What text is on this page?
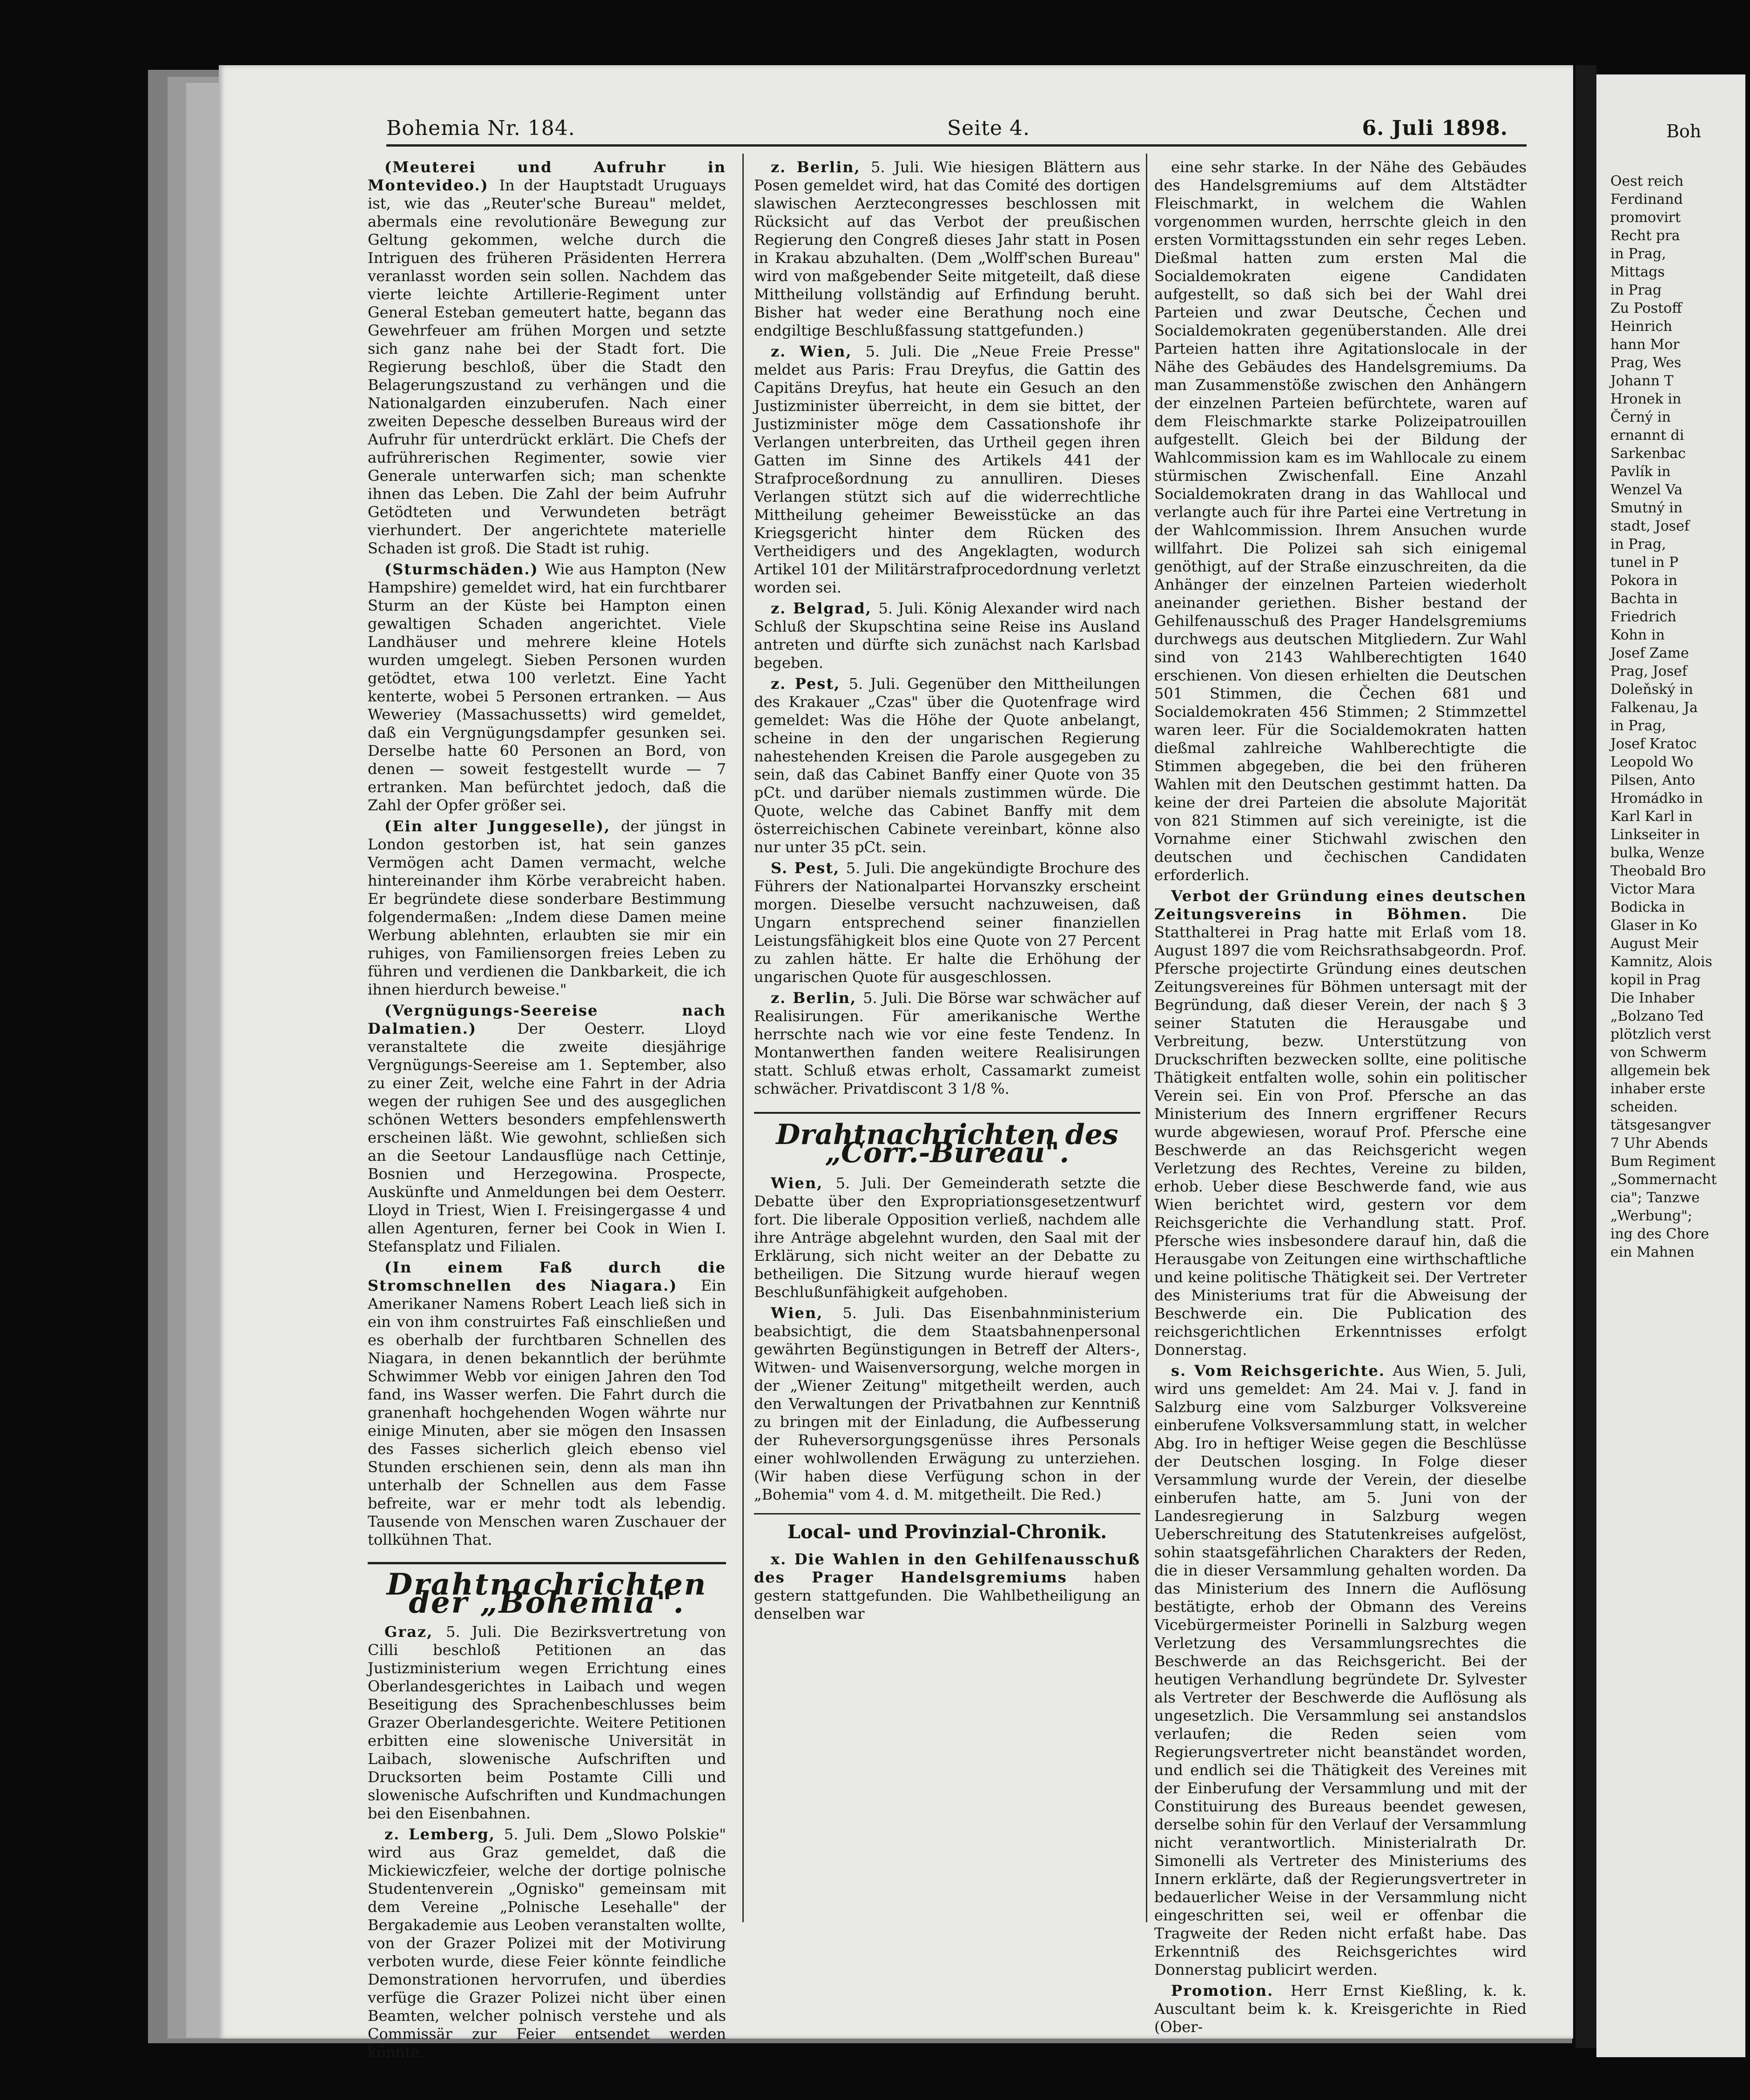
Boh
Oest reich
Ferdinand
promovirt
Recht pra
in Prag,
Mittags
in Prag
Zu Postoff
Heinrich
hann Mor
Prag, Wes
Johann T
Hronek in
Černý in
ernannt di
Sarkenbac
Pavlík in
Wenzel Va
Smutný in
stadt, Josef
in Prag,
tunel in P
Pokora in
Bachta in
Friedrich
Kohn in
Josef Zame
Prag, Josef
Doleňský in
Falkenau, Ja
in Prag,
Josef Kratoc
Leopold Wo
Pilsen, Anto
Hromádko in
Karl Karl in
Linkseiter in
bulka, Wenze
Theobald Bro
Victor Mara
Bodicka in
Glaser in Ko
August Meir
Kamnitz, Alois
kopil in Prag
Die Inhaber
„Bolzano Ted
plötzlich verst
von Schwerm
allgemein bek
inhaber erste
scheiden.
tätsgesangver
7 Uhr Abends
Bum Regiment
„Sommernacht
cia"; Tanzwe
„Werbung";
ing des Chore
ein Mahnen
Bohemia Nr. 184.	Seite 4.	6. Juli 1898.

(Meuterei und Aufruhr in Montevideo.) In der Hauptstadt Uruguays ist, wie das „Reuter'sche Bureau" meldet, abermals eine revolutionäre Bewegung zur Geltung gekommen, welche durch die Intriguen des früheren Präsidenten Herrera veranlasst worden sein sollen. Nachdem das vierte leichte Artillerie-Regiment unter General Esteban gemeutert hatte, begann das Gewehrfeuer am frühen Morgen und setzte sich ganz nahe bei der Stadt fort. Die Regierung beschloß, über die Stadt den Belagerungszustand zu verhängen und die Nationalgarden einzuberufen. Nach einer zweiten Depesche desselben Bureaus wird der Aufruhr für unterdrückt erklärt. Die Chefs der aufrührerischen Regimenter, sowie vier Generale unterwarfen sich; man schenkte ihnen das Leben. Die Zahl der beim Aufruhr Getödteten und Verwundeten beträgt vierhundert. Der angerichtete materielle Schaden ist groß. Die Stadt ist ruhig.

(Sturmschäden.) Wie aus Hampton (New Hampshire) gemeldet wird, hat ein furchtbarer Sturm an der Küste bei Hampton einen gewaltigen Schaden angerichtet. Viele Landhäuser und mehrere kleine Hotels wurden umgelegt. Sieben Personen wurden getödtet, etwa 100 verletzt. Eine Yacht kenterte, wobei 5 Personen ertranken. — Aus Weweriey (Massachussetts) wird gemeldet, daß ein Vergnügungsdampfer gesunken sei. Derselbe hatte 60 Personen an Bord, von denen — soweit festgestellt wurde — 7 ertranken. Man befürchtet jedoch, daß die Zahl der Opfer größer sei.

(Ein alter Junggeselle), der jüngst in London gestorben ist, hat sein ganzes Vermögen acht Damen vermacht, welche hintereinander ihm Körbe verabreicht haben. Er begründete diese sonderbare Bestimmung folgendermaßen: „Indem diese Damen meine Werbung ablehnten, erlaubten sie mir ein ruhiges, von Familiensorgen freies Leben zu führen und verdienen die Dankbarkeit, die ich ihnen hierdurch beweise."

(Vergnügungs-Seereise nach Dalmatien.) Der Oesterr. Lloyd veranstaltete die zweite diesjährige Vergnügungs-Seereise am 1. September, also zu einer Zeit, welche eine Fahrt in der Adria wegen der ruhigen See und des ausgeglichen schönen Wetters besonders empfehlenswerth erscheinen läßt. Wie gewohnt, schließen sich an die Seetour Landausflüge nach Cettinje, Bosnien und Herzegowina. Prospecte, Auskünfte und Anmeldungen bei dem Oesterr. Lloyd in Triest, Wien I. Freisingergasse 4 und allen Agenturen, ferner bei Cook in Wien I. Stefansplatz und Filialen.

(In einem Faß durch die Stromschnellen des Niagara.) Ein Amerikaner Namens Robert Leach ließ sich in ein von ihm construirtes Faß einschließen und es oberhalb der furchtbaren Schnellen des Niagara, in denen bekanntlich der berühmte Schwimmer Webb vor einigen Jahren den Tod fand, ins Wasser werfen. Die Fahrt durch die granenhaft hochgehenden Wogen währte nur einige Minuten, aber sie mögen den Insassen des Fasses sicherlich gleich ebenso viel Stunden erschienen sein, denn als man ihn unterhalb der Schnellen aus dem Fasse befreite, war er mehr todt als lebendig. Tausende von Menschen waren Zuschauer der tollkühnen That.

Drahtnachrichten der „Bohemia".

Graz, 5. Juli. Die Bezirksvertretung von Cilli beschloß Petitionen an das Justizministerium wegen Errichtung eines Oberlandesgerichtes in Laibach und wegen Beseitigung des Sprachenbeschlusses beim Grazer Oberlandesgerichte. Weitere Petitionen erbitten eine slowenische Universität in Laibach, slowenische Aufschriften und Drucksorten beim Postamte Cilli und slowenische Aufschriften und Kundmachungen bei den Eisenbahnen.

z. Lemberg, 5. Juli. Dem „Slowo Polskie" wird aus Graz gemeldet, daß die Mickiewiczfeier, welche der dortige polnische Studentenverein „Ognisko" gemeinsam mit dem Vereine „Polnische Lesehalle" der Bergakademie aus Leoben veranstalten wollte, von der Grazer Polizei mit der Motivirung verboten wurde, diese Feier könnte feindliche Demonstrationen hervorrufen, und überdies verfüge die Grazer Polizei nicht über einen Beamten, welcher polnisch verstehe und als Commissär zur Feier entsendet werden könnte.

z. Berlin, 5. Juli. Wie hiesigen Blättern aus Posen gemeldet wird, hat das Comité des dortigen slawischen Aerztecongresses beschlossen mit Rücksicht auf das Verbot der preußischen Regierung den Congreß dieses Jahr statt in Posen in Krakau abzuhalten. (Dem „Wolff'schen Bureau" wird von maßgebender Seite mitgeteilt, daß diese Mittheilung vollständig auf Erfindung beruht. Bisher hat weder eine Berathung noch eine endgiltige Beschlußfassung stattgefunden.)

z. Wien, 5. Juli. Die „Neue Freie Presse" meldet aus Paris: Frau Dreyfus, die Gattin des Capitäns Dreyfus, hat heute ein Gesuch an den Justizminister überreicht, in dem sie bittet, der Justizminister möge dem Cassationshofe ihr Verlangen unterbreiten, das Urtheil gegen ihren Gatten im Sinne des Artikels 441 der Strafproceßordnung zu annulliren. Dieses Verlangen stützt sich auf die widerrechtliche Mittheilung geheimer Beweisstücke an das Kriegsgericht hinter dem Rücken des Vertheidigers und des Angeklagten, wodurch Artikel 101 der Militärstrafprocedordnung verletzt worden sei.

z. Belgrad, 5. Juli. König Alexander wird nach Schluß der Skupschtina seine Reise ins Ausland antreten und dürfte sich zunächst nach Karlsbad begeben.

z. Pest, 5. Juli. Gegenüber den Mittheilungen des Krakauer „Czas" über die Quotenfrage wird gemeldet: Was die Höhe der Quote anbelangt, scheine in den der ungarischen Regierung nahestehenden Kreisen die Parole ausgegeben zu sein, daß das Cabinet Banffy einer Quote von 35 pCt. und darüber niemals zustimmen würde. Die Quote, welche das Cabinet Banffy mit dem österreichischen Cabinete vereinbart, könne also nur unter 35 pCt. sein.

S. Pest, 5. Juli. Die angekündigte Brochure des Führers der Nationalpartei Horvanszky erscheint morgen. Dieselbe versucht nachzuweisen, daß Ungarn entsprechend seiner finanziellen Leistungsfähigkeit blos eine Quote von 27 Percent zu zahlen hätte. Er halte die Erhöhung der ungarischen Quote für ausgeschlossen.

z. Berlin, 5. Juli. Die Börse war schwächer auf Realisirungen. Für amerikanische Werthe herrschte nach wie vor eine feste Tendenz. In Montanwerthen fanden weitere Realisirungen statt. Schluß etwas erholt, Cassamarkt zumeist schwächer. Privatdiscont 3 1/8 %.

Drahtnachrichten des „Corr.-Bureau".

Wien, 5. Juli. Der Gemeinderath setzte die Debatte über den Expropriationsgesetzentwurf fort. Die liberale Opposition verließ, nachdem alle ihre Anträge abgelehnt wurden, den Saal mit der Erklärung, sich nicht weiter an der Debatte zu betheiligen. Die Sitzung wurde hierauf wegen Beschlußunfähigkeit aufgehoben.

Wien, 5. Juli. Das Eisenbahnministerium beabsichtigt, die dem Staatsbahnenpersonal gewährten Begünstigungen in Betreff der Alters-, Witwen- und Waisenversorgung, welche morgen in der „Wiener Zeitung" mitgetheilt werden, auch den Verwaltungen der Privatbahnen zur Kenntniß zu bringen mit der Einladung, die Aufbesserung der Ruheversorgungsgenüsse ihres Personals einer wohlwollenden Erwägung zu unterziehen. (Wir haben diese Verfügung schon in der „Bohemia" vom 4. d. M. mitgetheilt. Die Red.)

Local- und Provinzial-Chronik.

x. Die Wahlen in den Gehilfenausschuß des Prager Handelsgremiums haben gestern stattgefunden. Die Wahlbetheiligung an denselben war

eine sehr starke. In der Nähe des Gebäudes des Handelsgremiums auf dem Altstädter Fleischmarkt, in welchem die Wahlen vorgenommen wurden, herrschte gleich in den ersten Vormittagsstunden ein sehr reges Leben. Dießmal hatten zum ersten Mal die Socialdemokraten eigene Candidaten aufgestellt, so daß sich bei der Wahl drei Parteien und zwar Deutsche, Čechen und Socialdemokraten gegenüberstanden. Alle drei Parteien hatten ihre Agitationslocale in der Nähe des Gebäudes des Handelsgremiums. Da man Zusammenstöße zwischen den Anhängern der einzelnen Parteien befürchtete, waren auf dem Fleischmarkte starke Polizeipatrouillen aufgestellt. Gleich bei der Bildung der Wahlcommission kam es im Wahllocale zu einem stürmischen Zwischenfall. Eine Anzahl Socialdemokraten drang in das Wahllocal und verlangte auch für ihre Partei eine Vertretung in der Wahlcommission. Ihrem Ansuchen wurde willfahrt. Die Polizei sah sich einigemal genöthigt, auf der Straße einzuschreiten, da die Anhänger der einzelnen Parteien wiederholt aneinander geriethen. Bisher bestand der Gehilfenausschuß des Prager Handelsgremiums durchwegs aus deutschen Mitgliedern. Zur Wahl sind von 2143 Wahlberechtigten 1640 erschienen. Von diesen erhielten die Deutschen 501 Stimmen, die Čechen 681 und Socialdemokraten 456 Stimmen; 2 Stimmzettel waren leer. Für die Socialdemokraten hatten dießmal zahlreiche Wahlberechtigte die Stimmen abgegeben, die bei den früheren Wahlen mit den Deutschen gestimmt hatten. Da keine der drei Parteien die absolute Majorität von 821 Stimmen auf sich vereinigte, ist die Vornahme einer Stichwahl zwischen den deutschen und čechischen Candidaten erforderlich.

Verbot der Gründung eines deutschen Zeitungsvereins in Böhmen. Die Statthalterei in Prag hatte mit Erlaß vom 18. August 1897 die vom Reichsrathsabgeordn. Prof. Pfersche projectirte Gründung eines deutschen Zeitungsvereines für Böhmen untersagt mit der Begründung, daß dieser Verein, der nach § 3 seiner Statuten die Herausgabe und Verbreitung, bezw. Unterstützung von Druckschriften bezwecken sollte, eine politische Thätigkeit entfalten wolle, sohin ein politischer Verein sei. Ein von Prof. Pfersche an das Ministerium des Innern ergriffener Recurs wurde abgewiesen, worauf Prof. Pfersche eine Beschwerde an das Reichsgericht wegen Verletzung des Rechtes, Vereine zu bilden, erhob. Ueber diese Beschwerde fand, wie aus Wien berichtet wird, gestern vor dem Reichsgerichte die Verhandlung statt. Prof. Pfersche wies insbesondere darauf hin, daß die Herausgabe von Zeitungen eine wirthschaftliche und keine politische Thätigkeit sei. Der Vertreter des Ministeriums trat für die Abweisung der Beschwerde ein. Die Publication des reichsgerichtlichen Erkenntnisses erfolgt Donnerstag.

s. Vom Reichsgerichte. Aus Wien, 5. Juli, wird uns gemeldet: Am 24. Mai v. J. fand in Salzburg eine vom Salzburger Volksvereine einberufene Volksversammlung statt, in welcher Abg. Iro in heftiger Weise gegen die Beschlüsse der Deutschen losging. In Folge dieser Versammlung wurde der Verein, der dieselbe einberufen hatte, am 5. Juni von der Landesregierung in Salzburg wegen Ueberschreitung des Statutenkreises aufgelöst, sohin staatsgefährlichen Charakters der Reden, die in dieser Versammlung gehalten worden. Da das Ministerium des Innern die Auflösung bestätigte, erhob der Obmann des Vereins Vicebürgermeister Porinelli in Salzburg wegen Verletzung des Versammlungsrechtes die Beschwerde an das Reichsgericht. Bei der heutigen Verhandlung begründete Dr. Sylvester als Vertreter der Beschwerde die Auflösung als ungesetzlich. Die Versammlung sei anstandslos verlaufen; die Reden seien vom Regierungsvertreter nicht beanständet worden, und endlich sei die Thätigkeit des Vereines mit der Einberufung der Versammlung und mit der Constituirung des Bureaus beendet gewesen, derselbe sohin für den Verlauf der Versammlung nicht verantwortlich. Ministerialrath Dr. Simonelli als Vertreter des Ministeriums des Innern erklärte, daß der Regierungsvertreter in bedauerlicher Weise in der Versammlung nicht eingeschritten sei, weil er offenbar die Tragweite der Reden nicht erfaßt habe. Das Erkenntniß des Reichsgerichtes wird Donnerstag publicirt werden.

Promotion. Herr Ernst Kießling, k. k. Auscultant beim k. k. Kreisgerichte in Ried (Ober-
